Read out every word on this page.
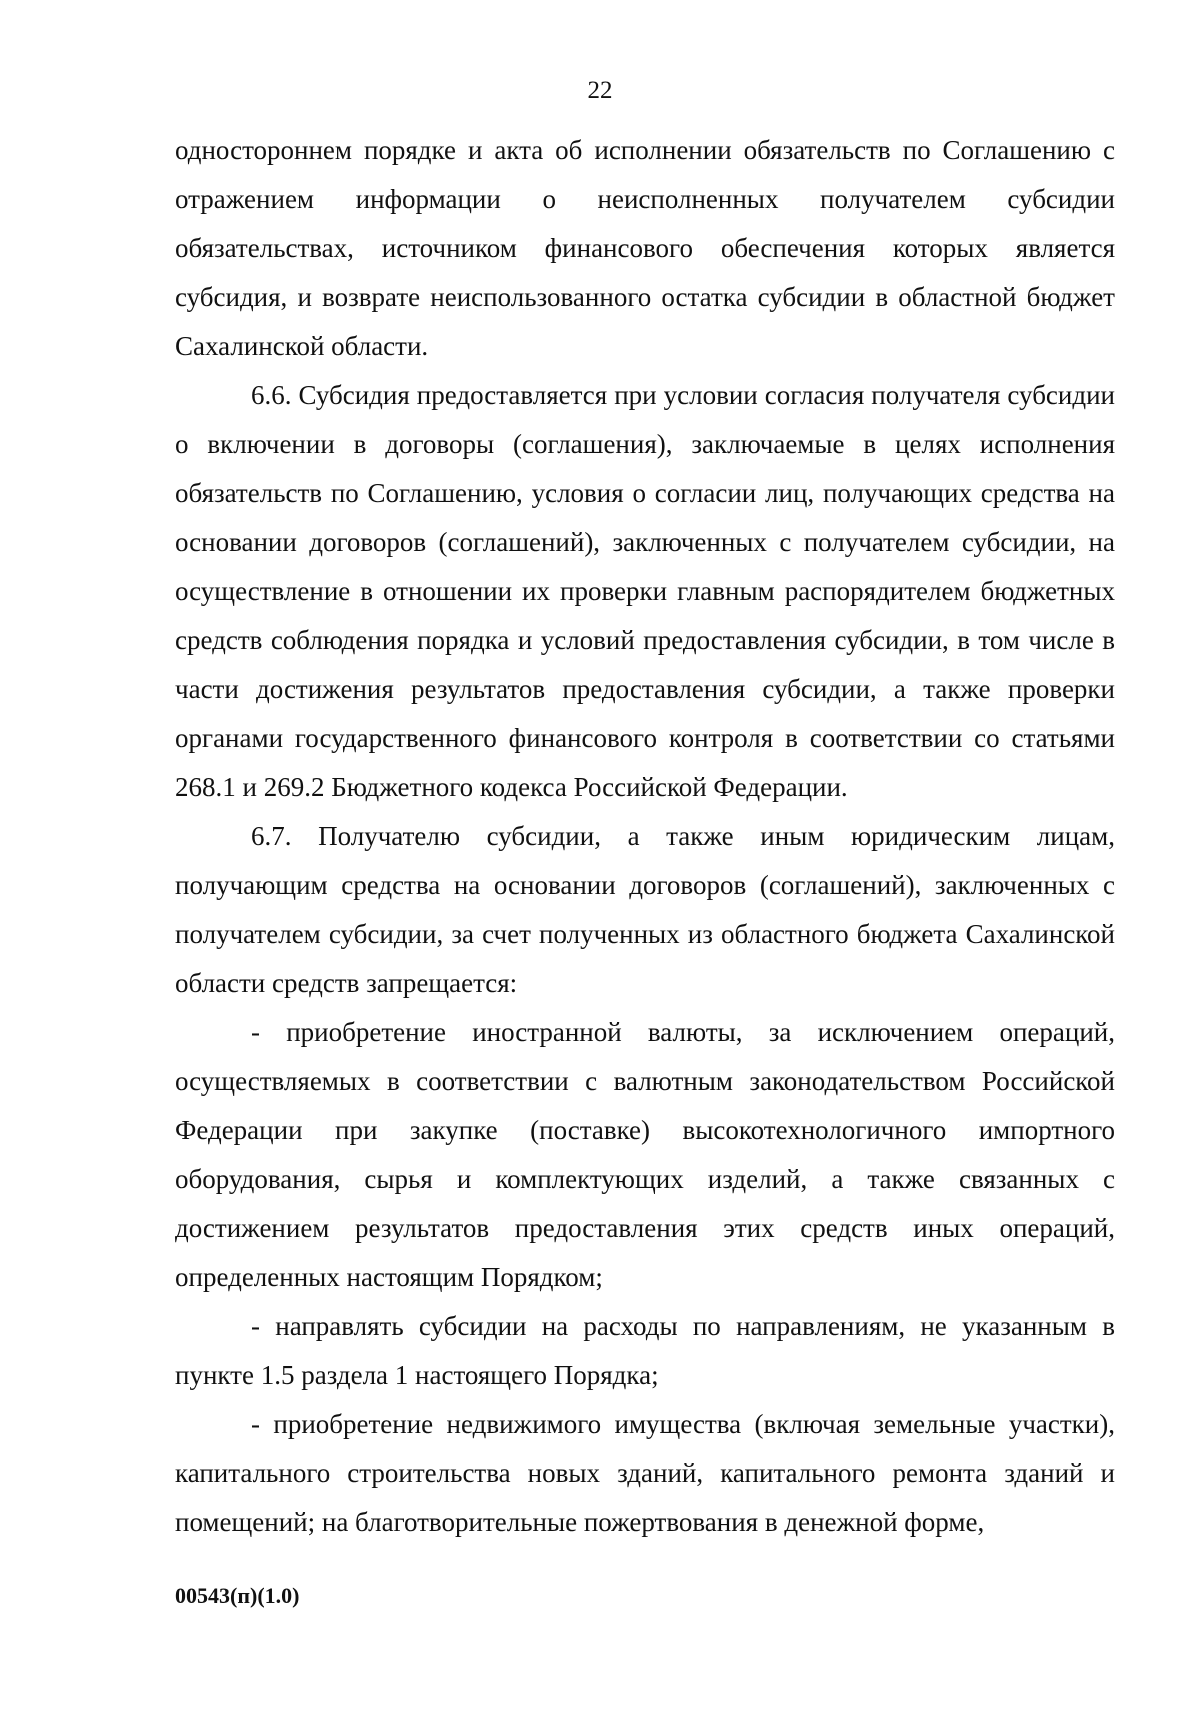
22

одностороннем порядке и акта об исполнении обязательств по Соглашению с отражением информации о неисполненных получателем субсидии обязательствах, источником финансового обеспечения которых является субсидия, и возврате неиспользованного остатка субсидии в областной бюджет Сахалинской области.

6.6. Субсидия предоставляется при условии согласия получателя субсидии о включении в договоры (соглашения), заключаемые в целях исполнения обязательств по Соглашению, условия о согласии лиц, получающих средства на основании договоров (соглашений), заключенных с получателем субсидии, на осуществление в отношении их проверки главным распорядителем бюджетных средств соблюдения порядка и условий предоставления субсидии, в том числе в части достижения результатов предоставления субсидии, а также проверки органами государственного финансового контроля в соответствии со статьями 268.1 и 269.2 Бюджетного кодекса Российской Федерации.

6.7. Получателю субсидии, а также иным юридическим лицам, получающим средства на основании договоров (соглашений), заключенных с получателем субсидии, за счет полученных из областного бюджета Сахалинской области средств запрещается:

- приобретение иностранной валюты, за исключением операций, осуществляемых в соответствии с валютным законодательством Российской Федерации при закупке (поставке) высокотехнологичного импортного оборудования, сырья и комплектующих изделий, а также связанных с достижением результатов предоставления этих средств иных операций, определенных настоящим Порядком;

- направлять субсидии на расходы по направлениям, не указанным в пункте 1.5 раздела 1 настоящего Порядка;

- приобретение недвижимого имущества (включая земельные участки), капитального строительства новых зданий, капитального ремонта зданий и помещений; на благотворительные пожертвования в денежной форме,

00543(п)(1.0)
